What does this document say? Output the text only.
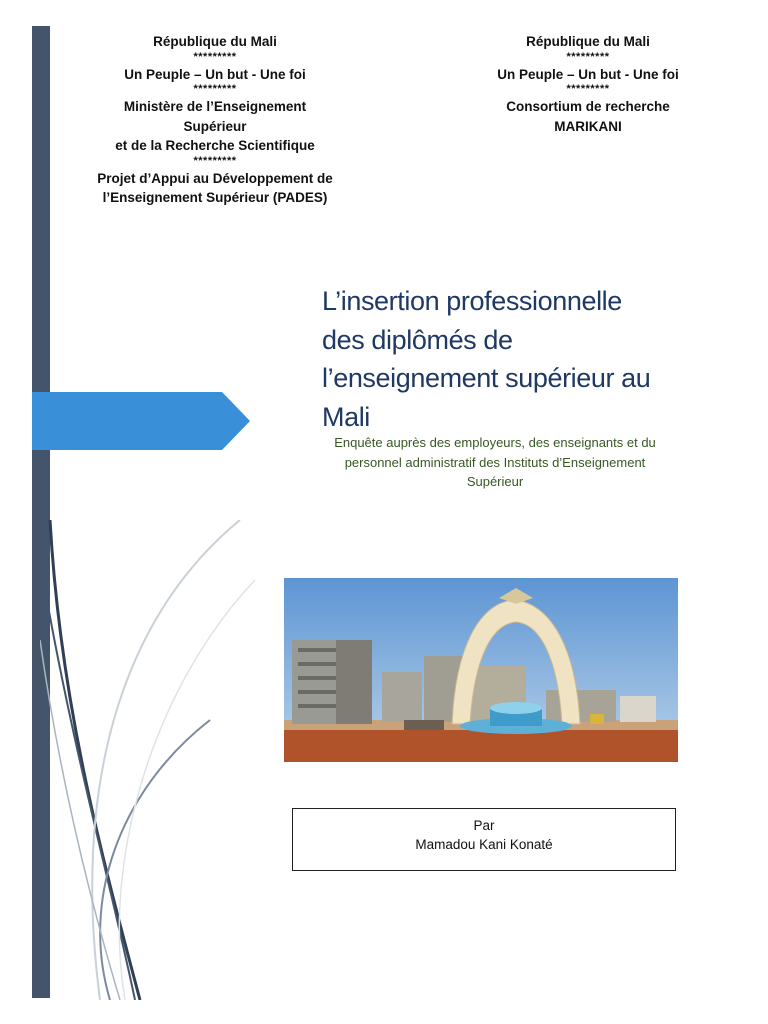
République du Mali
*********
Un Peuple – Un but - Une foi
*********
Ministère de l’Enseignement
Supérieur
et de la Recherche Scientifique
*********
Projet d’Appui au Développement de
l’Enseignement Supérieur (PADES)
République du Mali
*********
Un Peuple – Un but - Une foi
*********
Consortium de recherche
MARIKANI
L’insertion professionnelle
des diplômés de
l’enseignement supérieur au
Mali

Enquête auprès des employeurs, des enseignants et du
personnel administratif des Instituts d’Enseignement
Supérieur

Par
Mamadou Kani Konaté
